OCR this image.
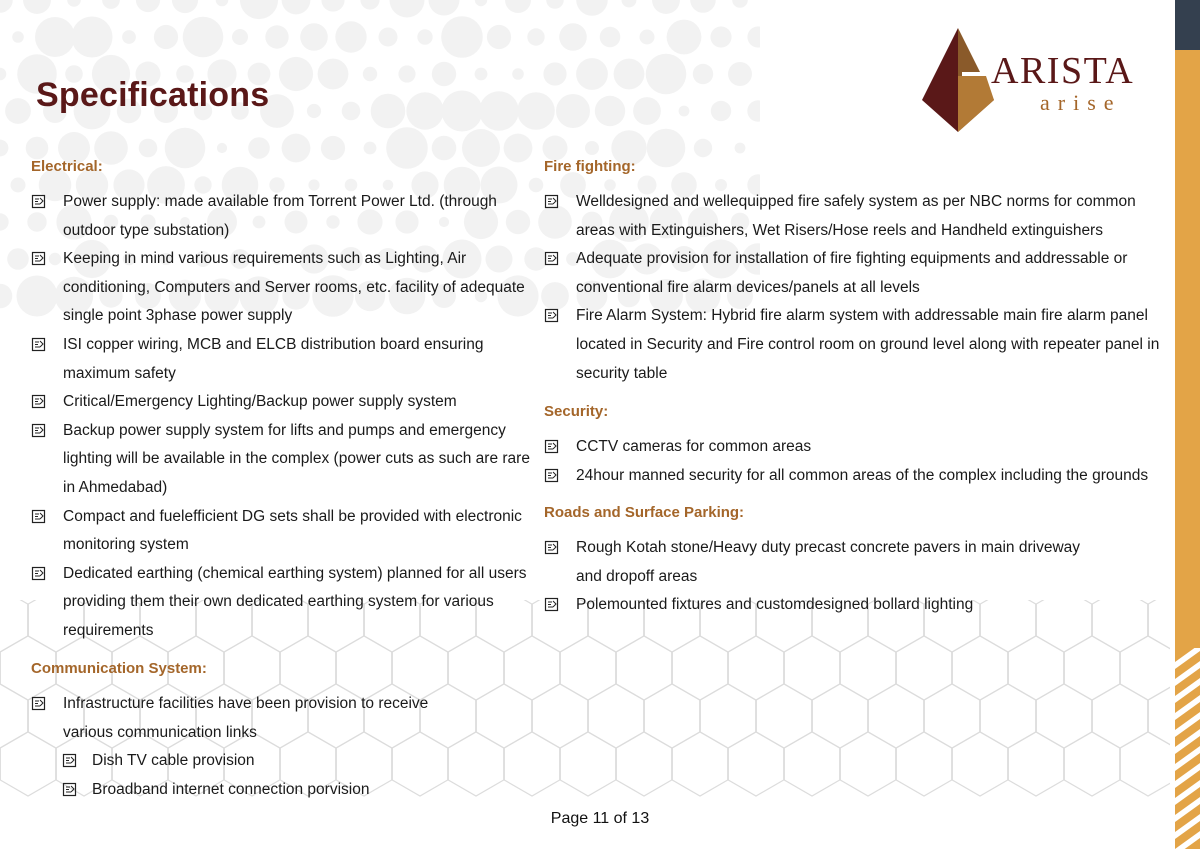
Specifications
ARISTA
arise
Electrical:
Power supply: made available from Torrent Power Ltd. (through outdoor type substation)
Keeping in mind various requirements such as Lighting, Air conditioning, Computers and Server rooms, etc. facility of adequate single point 3phase power supply
ISI copper wiring, MCB and ELCB distribution board ensuring maximum safety
Critical/Emergency Lighting/Backup power supply system
Backup power supply system for lifts and pumps and emergency lighting will be available in the complex (power cuts as such are rare in Ahmedabad)
Compact and fuelefficient DG sets shall be provided with electronic monitoring system
Dedicated earthing (chemical earthing system) planned for all users providing them their own dedicated earthing system for various requirements
Communication System:
Infrastructure facilities have been provision to receive various communication links
Dish TV cable provision
Broadband internet connection porvision
Fire fighting:
Welldesigned and wellequipped fire safely system as per NBC norms for common areas with Extinguishers, Wet Risers/Hose reels and Handheld extinguishers
Adequate provision for installation of fire fighting equipments and addressable or conventional fire alarm devices/panels at all levels
Fire Alarm System: Hybrid fire alarm system with addressable main fire alarm panel located in Security and Fire control room on ground level along with repeater panel in security table
Security:
CCTV cameras for common areas
24hour manned security for all common areas of the complex including the grounds
Roads and Surface Parking:
Rough Kotah stone/Heavy duty precast concrete pavers in main driveway and dropoff areas
Polemounted fixtures and customdesigned bollard lighting
Page 11 of 13
